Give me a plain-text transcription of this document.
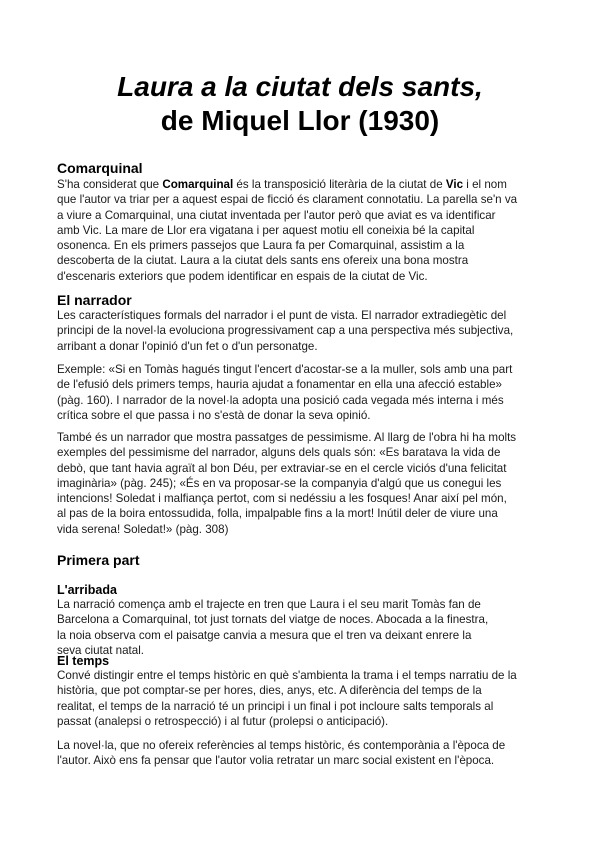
Laura a la ciutat dels sants,
de Miquel Llor (1930)
Comarquinal
S'ha considerat que Comarquinal és la transposició literària de la ciutat de Vic i el nom
que l'autor va triar per a aquest espai de ficció és clarament connotatiu. La parella se'n va
a viure a Comarquinal, una ciutat inventada per l'autor però que aviat es va identificar
amb Vic. La mare de Llor era vigatana i per aquest motiu ell coneixia bé la capital
osonenca. En els primers passejos que Laura fa per Comarquinal, assistim a la
descoberta de la ciutat. Laura a la ciutat dels sants ens ofereix una bona mostra
d'escenaris exteriors que podem identificar en espais de la ciutat de Vic.
El narrador
Les característiques formals del narrador i el punt de vista. El narrador extradiegètic del
principi de la novel·la evoluciona progressivament cap a una perspectiva més subjectiva,
arribant a donar l'opinió d'un fet o d'un personatge.
Exemple: «Si en Tomàs hagués tingut l'encert d'acostar-se a la muller, sols amb una part
de l'efusió dels primers temps, hauria ajudat a fonamentar en ella una afecció estable»
(pàg. 160). I narrador de la novel·la adopta una posició cada vegada més interna i més
crítica sobre el que passa i no s'està de donar la seva opinió.
També és un narrador que mostra passatges de pessimisme. Al llarg de l'obra hi ha molts
exemples del pessimisme del narrador, alguns dels quals són: «Es baratava la vida de
debò, que tant havia agraït al bon Déu, per extraviar-se en el cercle viciós d'una felicitat
imaginària» (pàg. 245); «És en va proposar-se la companyia d'algú que us conegui les
intencions! Soledat i malfiança pertot, com si nedéssiu a les fosques! Anar així pel món,
al pas de la boira entossudida, folla, impalpable fins a la mort! Inútil deler de viure una
vida serena! Soledat!» (pàg. 308)
Primera part
L'arribada
La narració comença amb el trajecte en tren que Laura i el seu marit Tomàs fan de
Barcelona a Comarquinal, tot just tornats del viatge de noces. Abocada a la finestra,
la noia observa com el paisatge canvia a mesura que el tren va deixant enrere la
seva ciutat natal.
El temps
Convé distingir entre el temps històric en què s'ambienta la trama i el temps narratiu de la
història, que pot comptar-se per hores, dies, anys, etc. A diferència del temps de la
realitat, el temps de la narració té un principi i un final i pot incloure salts temporals al
passat (analepsi o retrospecció) i al futur (prolepsi o anticipació).
La novel·la, que no ofereix referències al temps històric, és contemporània a l'època de
l'autor. Això ens fa pensar que l'autor volia retratar un marc social existent en l'època.
